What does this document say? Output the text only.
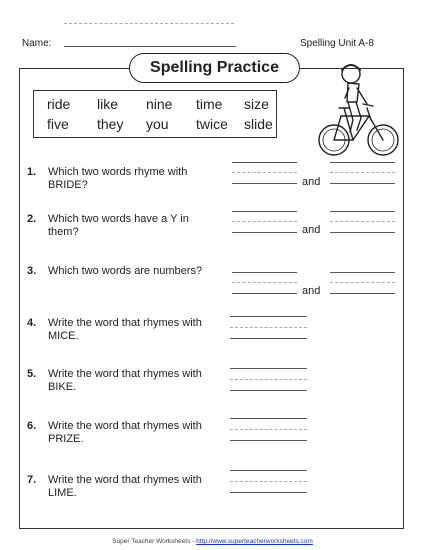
Name:	Spelling Unit A-8
Spelling Practice
ride like nine time size
five they you twice slide
1. Which two words rhyme with BRIDE?	and
2. Which two words have a Y in them?	and
3. Which two words are numbers?
and
4. Write the word that rhymes with MICE.
5. Write the word that rhymes with BIKE.
6. Write the word that rhymes with PRIZE.
7. Write the word that rhymes with LIME.
Super Teacher Worksheets - http://www.superteacherworksheets.com
